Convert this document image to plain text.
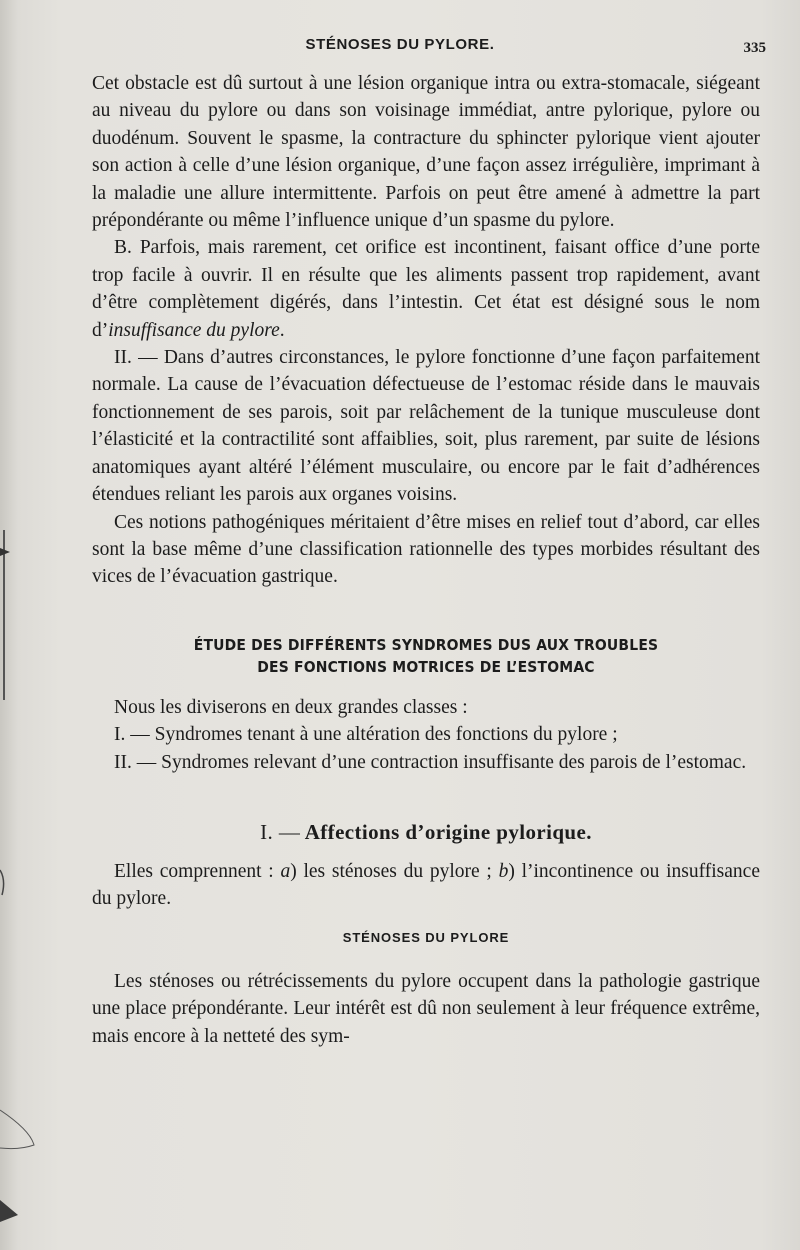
STÉNOSES DU PYLORE.	335

Cet obstacle est dû surtout à une lésion organique intra ou extra-stomacale, siégeant au niveau du pylore ou dans son voisinage immédiat, antre pylorique, pylore ou duodénum. Souvent le spasme, la contracture du sphincter pylorique vient ajouter son action à celle d’une lésion organique, d’une façon assez irrégulière, imprimant à la maladie une allure intermittente. Parfois on peut être amené à admettre la part prépondérante ou même l’influence unique d’un spasme du pylore.

B. Parfois, mais rarement, cet orifice est incontinent, faisant office d’une porte trop facile à ouvrir. Il en résulte que les aliments passent trop rapidement, avant d’être complètement digérés, dans l’intestin. Cet état est désigné sous le nom d’insuffisance du pylore.

II. — Dans d’autres circonstances, le pylore fonctionne d’une façon parfaitement normale. La cause de l’évacuation défectueuse de l’estomac réside dans le mauvais fonctionnement de ses parois, soit par relâchement de la tunique musculeuse dont l’élasticité et la contractilité sont affaiblies, soit, plus rarement, par suite de lésions anatomiques ayant altéré l’élément musculaire, ou encore par le fait d’adhérences étendues reliant les parois aux organes voisins.

Ces notions pathogéniques méritaient d’être mises en relief tout d’abord, car elles sont la base même d’une classification rationnelle des types morbides résultant des vices de l’évacuation gastrique.

ÉTUDE DES DIFFÉRENTS SYNDROMES DUS AUX TROUBLES
DES FONCTIONS MOTRICES DE L’ESTOMAC

Nous les diviserons en deux grandes classes :

I. — Syndromes tenant à une altération des fonctions du pylore ;

II. — Syndromes relevant d’une contraction insuffisante des parois de l’estomac.

I. — Affections d’origine pylorique.

Elles comprennent : a) les sténoses du pylore ; b) l’incontinence ou insuffisance du pylore.

STÉNOSES DU PYLORE

Les sténoses ou rétrécissements du pylore occupent dans la pathologie gastrique une place prépondérante. Leur intérêt est dû non seulement à leur fréquence extrême, mais encore à la netteté des sym-
